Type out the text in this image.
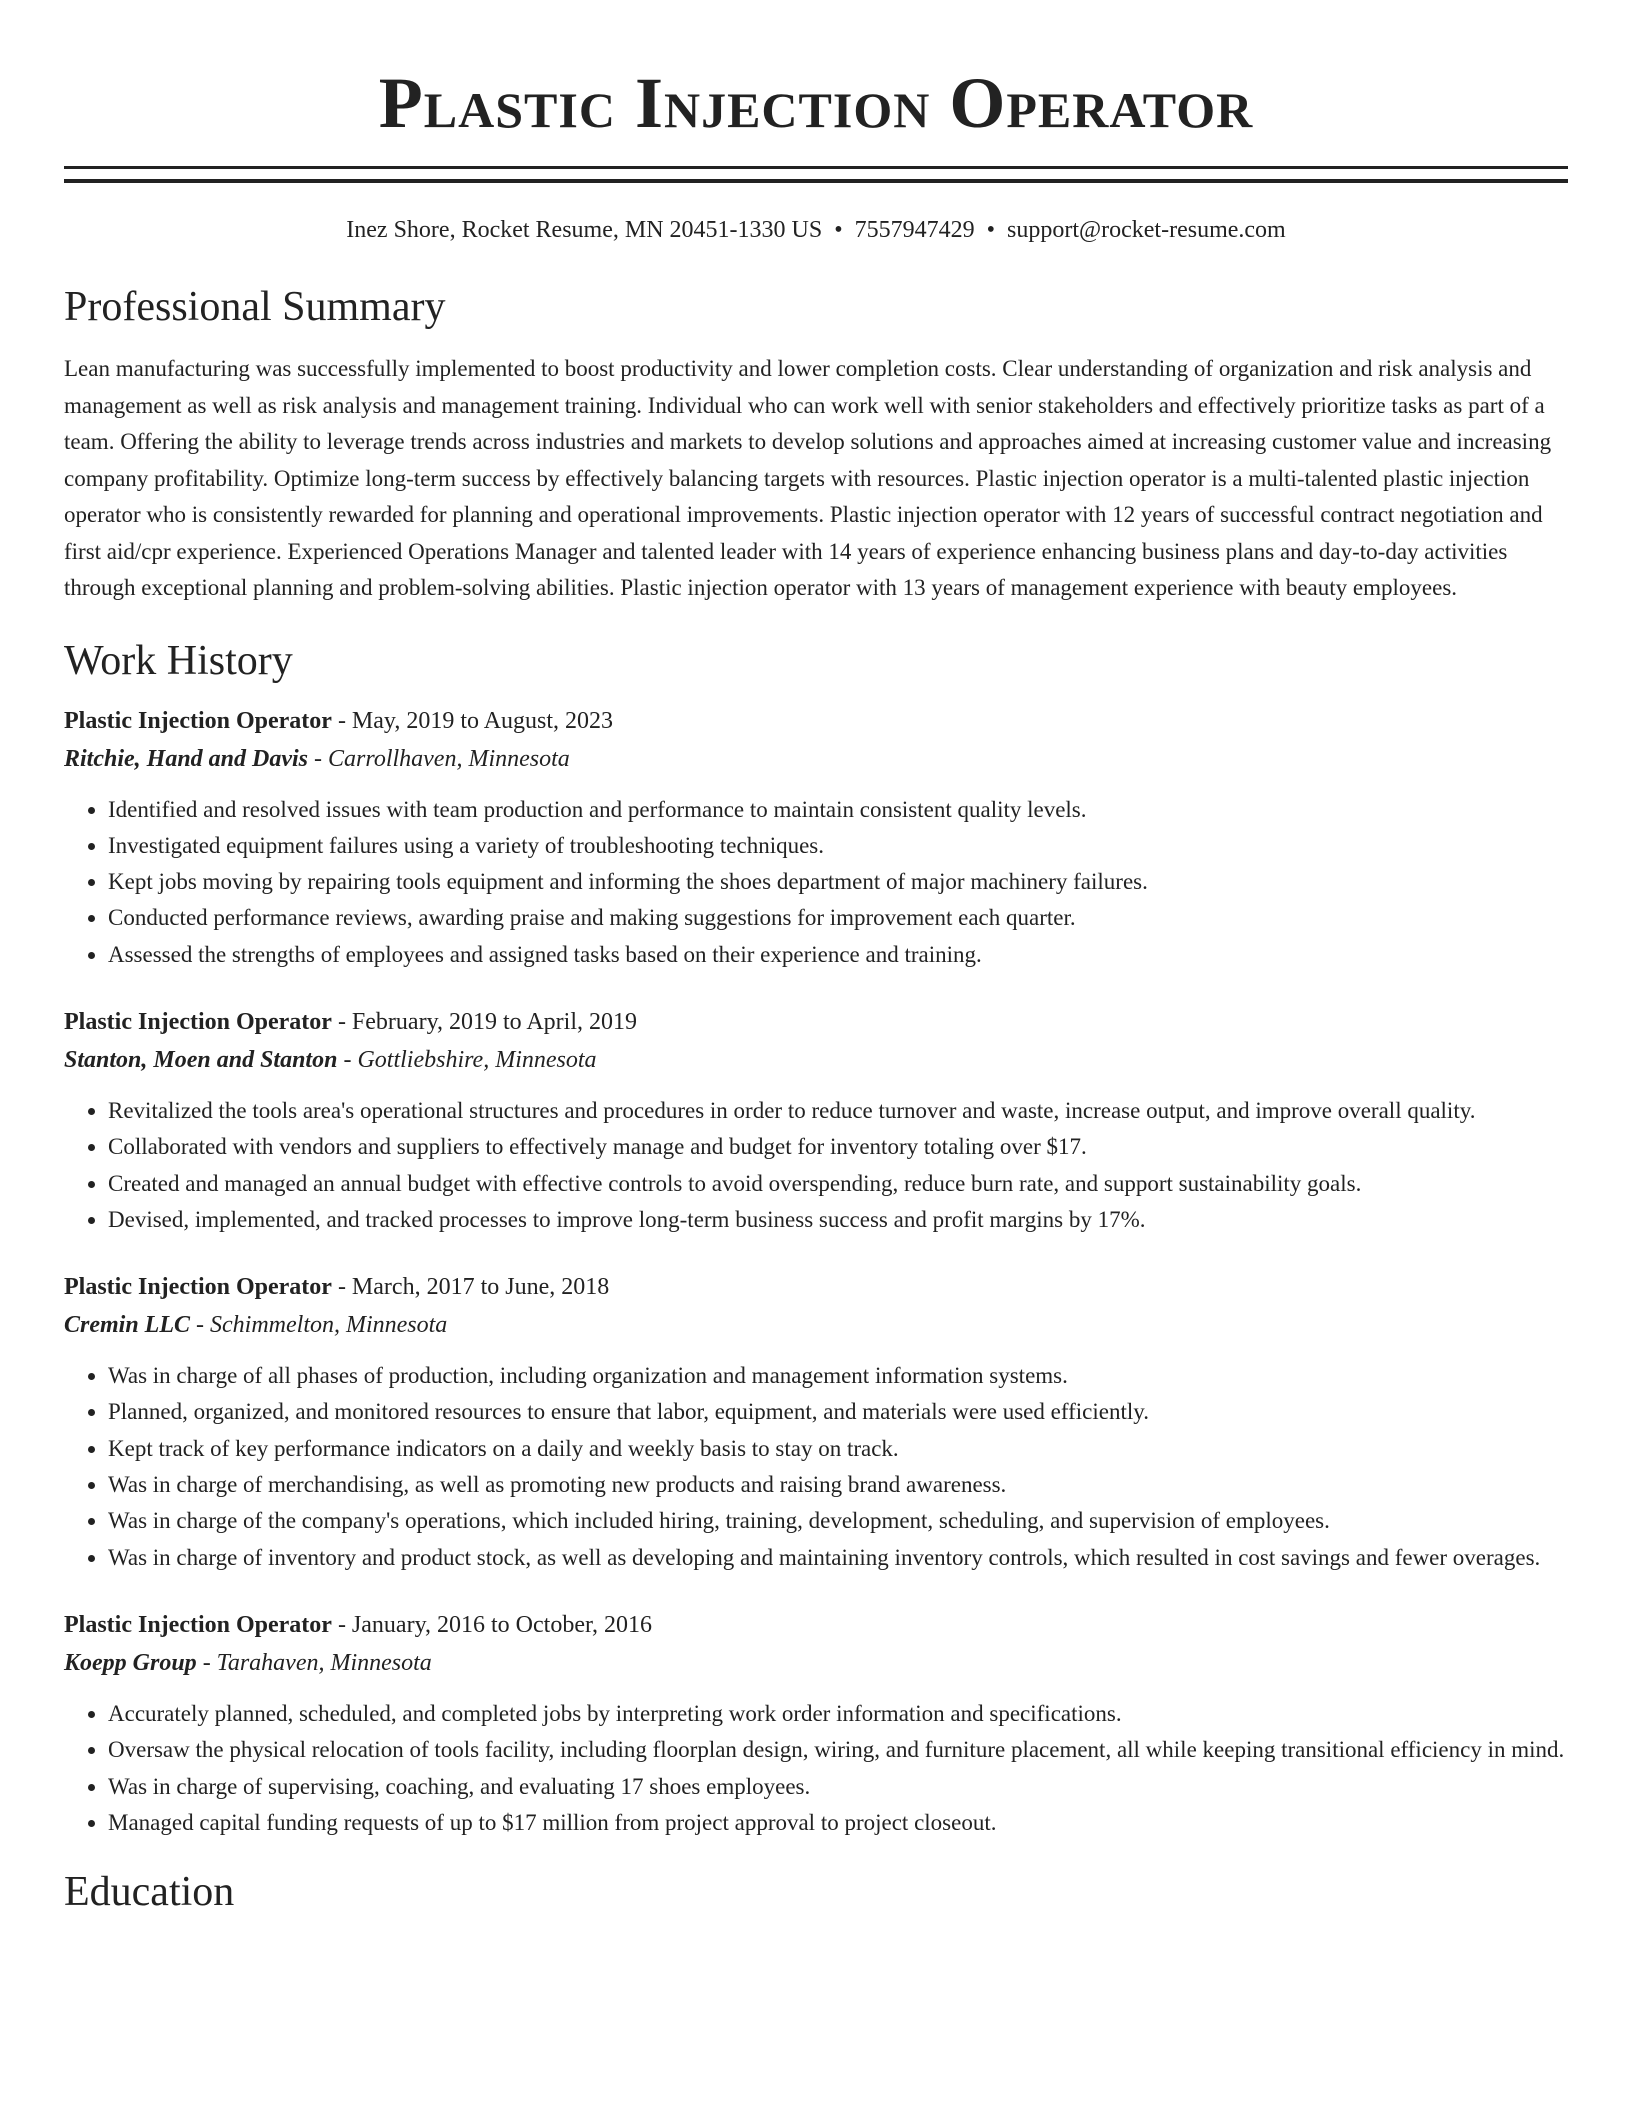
Plastic Injection Operator
Inez Shore, Rocket Resume, MN 20451-1330 US • 7557947429 • support@rocket-resume.com
Professional Summary
Lean manufacturing was successfully implemented to boost productivity and lower completion costs. Clear understanding of organization and risk analysis and management as well as risk analysis and management training. Individual who can work well with senior stakeholders and effectively prioritize tasks as part of a team. Offering the ability to leverage trends across industries and markets to develop solutions and approaches aimed at increasing customer value and increasing company profitability. Optimize long-term success by effectively balancing targets with resources. Plastic injection operator is a multi-talented plastic injection operator who is consistently rewarded for planning and operational improvements. Plastic injection operator with 12 years of successful contract negotiation and first aid/cpr experience. Experienced Operations Manager and talented leader with 14 years of experience enhancing business plans and day-to-day activities through exceptional planning and problem-solving abilities. Plastic injection operator with 13 years of management experience with beauty employees.
Work History
Plastic Injection Operator - May, 2019 to August, 2023
Ritchie, Hand and Davis - Carrollhaven, Minnesota
• Identified and resolved issues with team production and performance to maintain consistent quality levels.
• Investigated equipment failures using a variety of troubleshooting techniques.
• Kept jobs moving by repairing tools equipment and informing the shoes department of major machinery failures.
• Conducted performance reviews, awarding praise and making suggestions for improvement each quarter.
• Assessed the strengths of employees and assigned tasks based on their experience and training.
Plastic Injection Operator - February, 2019 to April, 2019
Stanton, Moen and Stanton - Gottliebshire, Minnesota
• Revitalized the tools area's operational structures and procedures in order to reduce turnover and waste, increase output, and improve overall quality.
• Collaborated with vendors and suppliers to effectively manage and budget for inventory totaling over $17.
• Created and managed an annual budget with effective controls to avoid overspending, reduce burn rate, and support sustainability goals.
• Devised, implemented, and tracked processes to improve long-term business success and profit margins by 17%.
Plastic Injection Operator - March, 2017 to June, 2018
Cremin LLC - Schimmelton, Minnesota
• Was in charge of all phases of production, including organization and management information systems.
• Planned, organized, and monitored resources to ensure that labor, equipment, and materials were used efficiently.
• Kept track of key performance indicators on a daily and weekly basis to stay on track.
• Was in charge of merchandising, as well as promoting new products and raising brand awareness.
• Was in charge of the company's operations, which included hiring, training, development, scheduling, and supervision of employees.
• Was in charge of inventory and product stock, as well as developing and maintaining inventory controls, which resulted in cost savings and fewer overages.
Plastic Injection Operator - January, 2016 to October, 2016
Koepp Group - Tarahaven, Minnesota
• Accurately planned, scheduled, and completed jobs by interpreting work order information and specifications.
• Oversaw the physical relocation of tools facility, including floorplan design, wiring, and furniture placement, all while keeping transitional efficiency in mind.
• Was in charge of supervising, coaching, and evaluating 17 shoes employees.
• Managed capital funding requests of up to $17 million from project approval to project closeout.
Education
